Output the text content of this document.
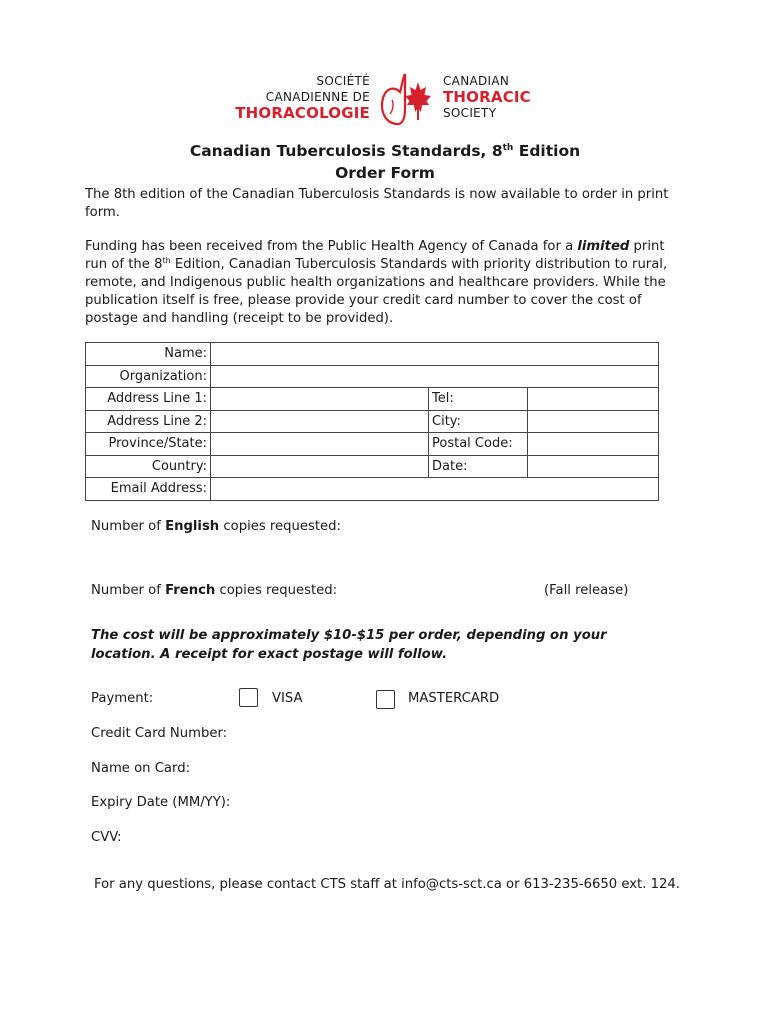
SOCIÉTÉ
CANADIENNE DE
THORACOLOGIE
CANADIAN
THORACIC
SOCIETY
Canadian Tuberculosis Standards, 8th Edition
Order Form
The 8th edition of the Canadian Tuberculosis Standards is now available to order in print form.
Funding has been received from the Public Health Agency of Canada for a limited print run of the 8th Edition, Canadian Tuberculosis Standards with priority distribution to rural, remote, and Indigenous public health organizations and healthcare providers. While the publication itself is free, please provide your credit card number to cover the cost of postage and handling (receipt to be provided).
Name:			
Organization:			
Address Line 1:		Tel:	
Address Line 2:		City:	
Province/State:		Postal Code:	
Country:		Date:	
Email Address:			
Number of English copies requested:
Number of French copies requested:	(Fall release)
The cost will be approximately $10-$15 per order, depending on your location. A receipt for exact postage will follow.
Payment:	VISA	MASTERCARD
Credit Card Number:
Name on Card:
Expiry Date (MM/YY):
CVV:
For any questions, please contact CTS staff at info@cts-sct.ca or 613-235-6650 ext. 124.
